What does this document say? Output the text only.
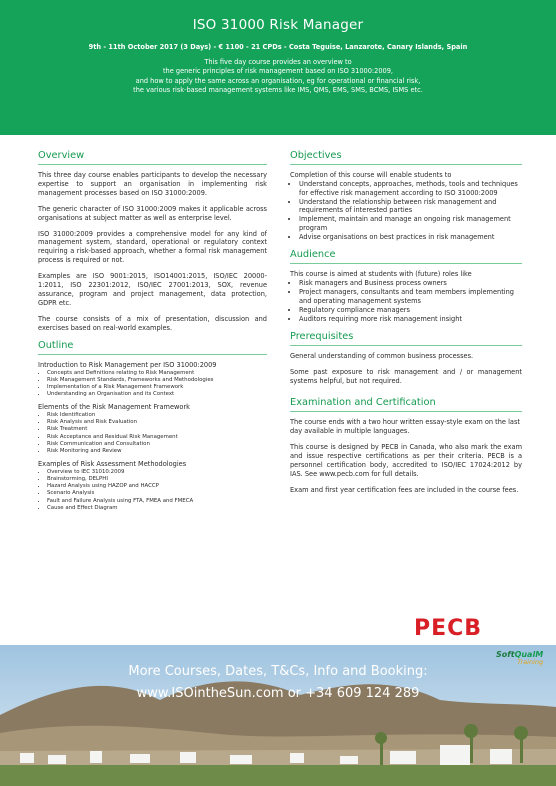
ISO 31000 Risk Manager
9th - 11th October 2017 (3 Days) - € 1100 - 21 CPDs - Costa Teguise, Lanzarote, Canary Islands, Spain
This five day course provides an overview to
the generic principles of risk management based on ISO 31000:2009,
and how to apply the same across an organisation, eg for operational or financial risk,
the various risk-based management systems like IMS, QMS, EMS, SMS, BCMS, ISMS etc.
Overview

This three day course enables participants to develop the necessary expertise to support an organisation in implementing risk management processes based on ISO 31000:2009.

The generic character of ISO 31000:2009 makes it applicable across organisations at subject matter as well as enterprise level.

ISO 31000:2009 provides a comprehensive model for any kind of management system, standard, operational or regulatory context requiring a risk-based approach, whether a formal risk management process is required or not.

Examples are ISO 9001:2015, ISO14001:2015, ISO/IEC 20000-1:2011, ISO 22301:2012, ISO/IEC 27001:2013, SOX, revenue assurance, program and project management, data protection, GDPR etc.

The course consists of a mix of presentation, discussion and exercises based on real-world examples.

Outline
Introduction to Risk Management per ISO 31000:2009
• Concepts and Definitions relating to Risk Management
• Risk Management Standards, Frameworks and Methodologies
• Implementation of a Risk Management Framework
• Understanding an Organisation and its Context
Elements of the Risk Management Framework
• Risk Identification
• Risk Analysis and Risk Evaluation
• Risk Treatment
• Risk Acceptance and Residual Risk Management
• Risk Communication and Consultation
• Risk Monitoring and Review
Examples of Risk Assessment Methodologies
• Overview to IEC 31010:2009
• Brainstorming, DELPHI
• Hazard Analysis using HAZOP and HACCP
• Scenario Analysis
• Fault and Failure Analysis using FTA, FMEA and FMECA
• Cause and Effect Diagram
Objectives

Completion of this course will enable students to

• Understand concepts, approaches, methods, tools and techniques for effective risk management according to ISO 31000:2009
• Understand the relationship between risk management and requirements of interested parties
• Implement, maintain and manage an ongoing risk management program
• Advise organisations on best practices in risk management
Audience

This course is aimed at students with (future) roles like

• Risk managers and Business process owners
• Project managers, consultants and team members implementing and operating management systems
• Regulatory compliance managers
• Auditors requiring more risk management insight
Prerequisites

General understanding of common business processes.

Some past exposure to risk management and / or management systems helpful, but not required.

Examination and Certification

The course ends with a two hour written essay-style exam on the last day available in multiple languages.

This course is designed by PECB in Canada, who also mark the exam and issue respective certifications as per their criteria. PECB is a personnel certification body, accredited to ISO/IEC 17024:2012 by IAS. See www.pecb.com for full details.

Exam and first year certification fees are included in the course fees.

PECB
SoftQualM
Training
More Courses, Dates, T&Cs, Info and Booking:
www.ISOintheSun.com or +34 609 124 289
